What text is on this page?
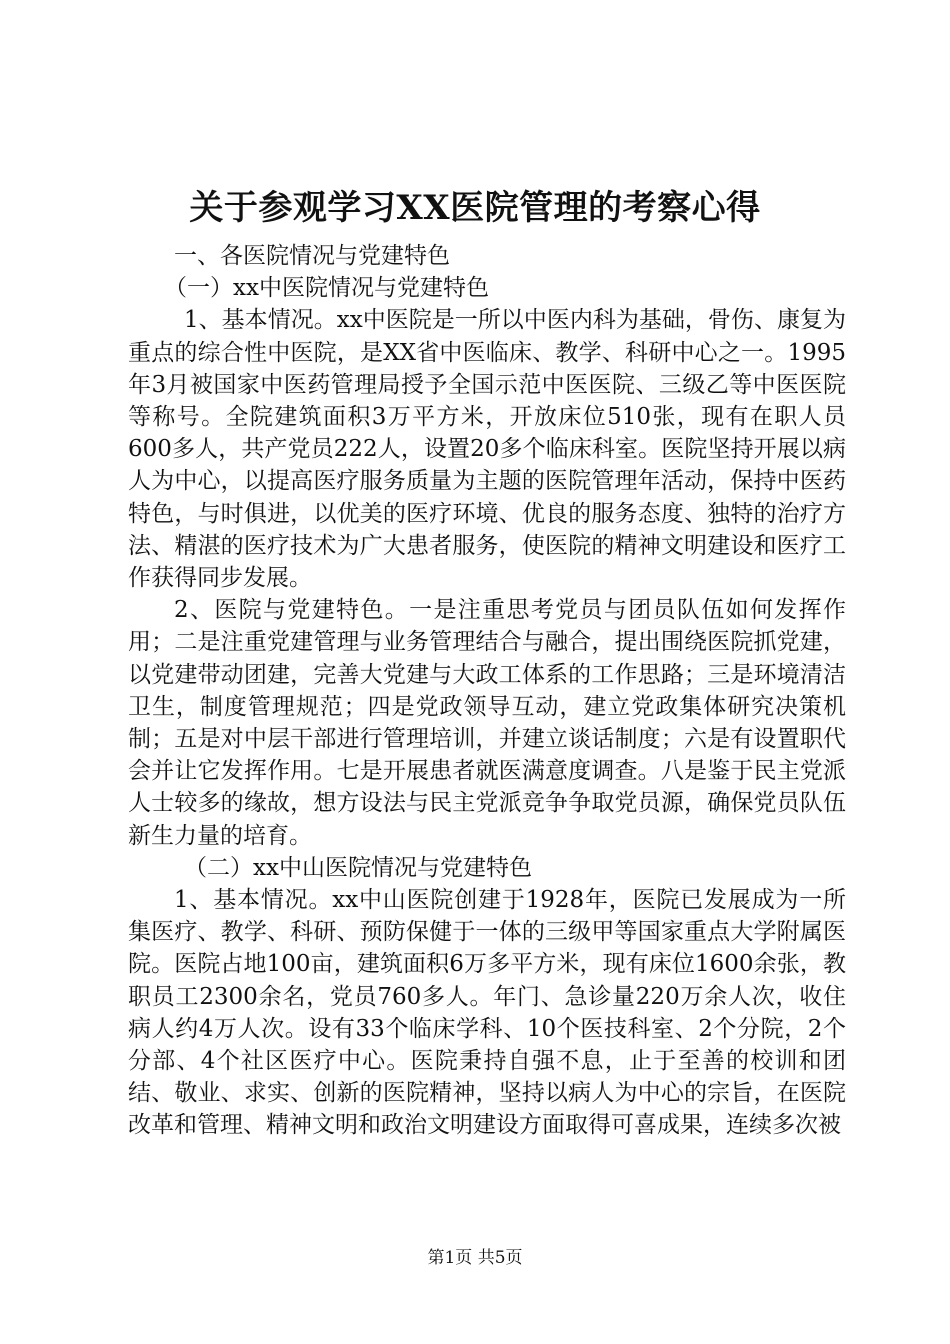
关于参观学习XX医院管理的考察心得

一、各医院情况与党建特色

（一）xx中医院情况与党建特色

1、基本情况。xx中医院是一所以中医内科为基础，骨伤、康复为重点的综合性中医院，是XX省中医临床、教学、科研中心之一。1995年3月被国家中医药管理局授予全国示范中医医院、三级乙等中医医院等称号。全院建筑面积3万平方米，开放床位510张，现有在职人员600多人，共产党员222人，设置20多个临床科室。医院坚持开展以病人为中心，以提高医疗服务质量为主题的医院管理年活动，保持中医药特色，与时俱进，以优美的医疗环境、优良的服务态度、独特的治疗方法、精湛的医疗技术为广大患者服务，使医院的精神文明建设和医疗工作获得同步发展。

2、医院与党建特色。一是注重思考党员与团员队伍如何发挥作用；二是注重党建管理与业务管理结合与融合，提出围绕医院抓党建，以党建带动团建，完善大党建与大政工体系的工作思路；三是环境清洁卫生，制度管理规范；四是党政领导互动，建立党政集体研究决策机制；五是对中层干部进行管理培训，并建立谈话制度；六是有设置职代会并让它发挥作用。七是开展患者就医满意度调查。八是鉴于民主党派人士较多的缘故，想方设法与民主党派竞争争取党员源，确保党员队伍新生力量的培育。

（二）xx中山医院情况与党建特色

1、基本情况。xx中山医院创建于1928年，医院已发展成为一所集医疗、教学、科研、预防保健于一体的三级甲等国家重点大学附属医院。医院占地100亩，建筑面积6万多平方米，现有床位1600余张，教职员工2300余名，党员760多人。年门、急诊量220万余人次，收住病人约4万人次。设有33个临床学科、10个医技科室、2个分院，2个分部、4个社区医疗中心。医院秉持自强不息，止于至善的校训和团结、敬业、求实、创新的医院精神，坚持以病人为中心的宗旨，在医院改革和管理、精神文明和政治文明建设方面取得可喜成果，连续多次被

第1页 共5页
